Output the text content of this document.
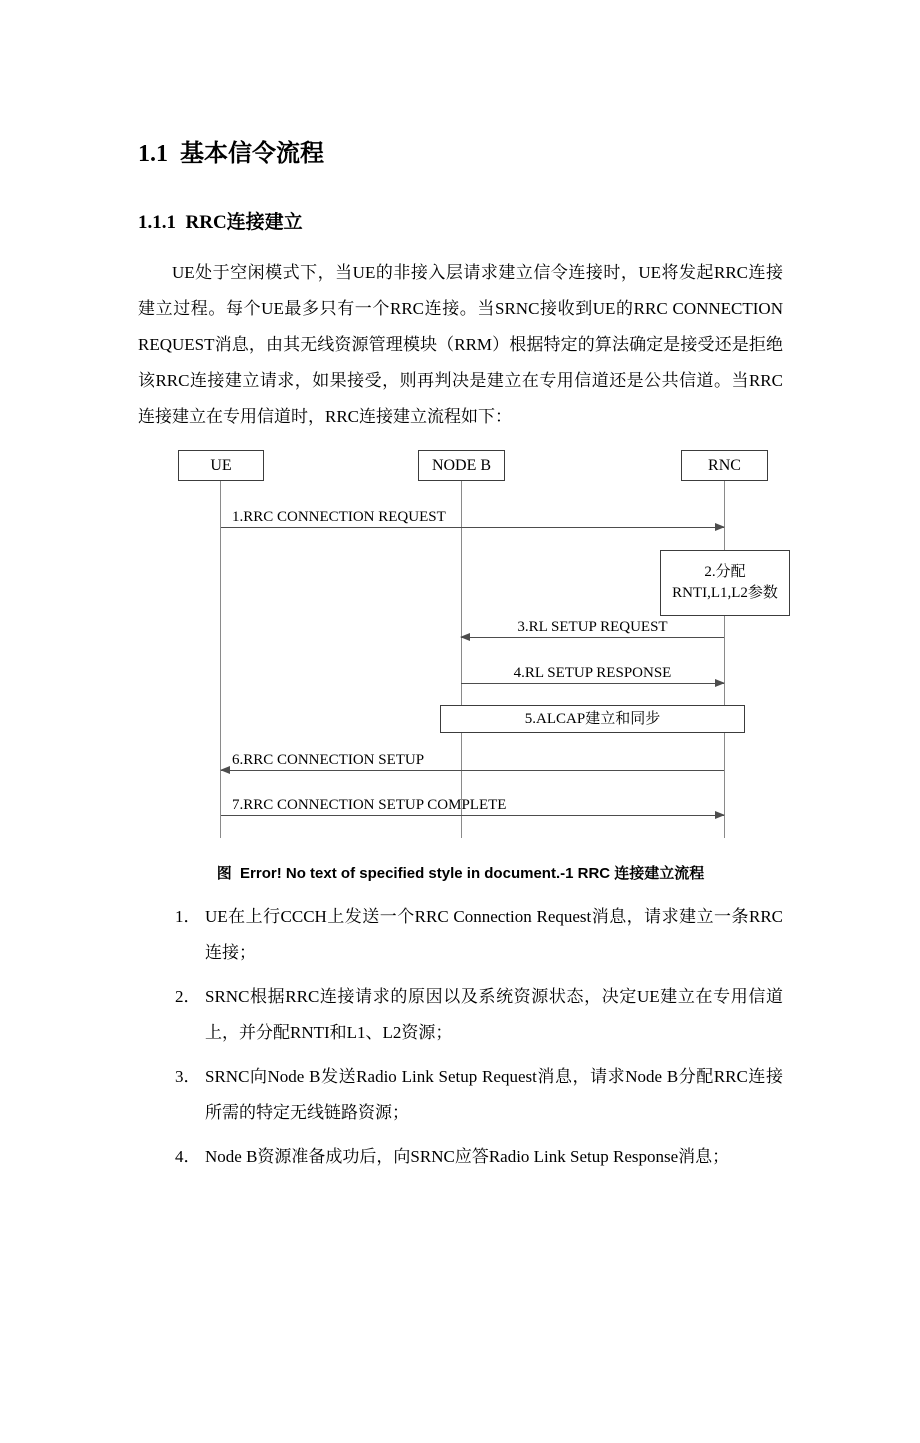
1.1  基本信令流程
1.1.1  RRC连接建立
UE处于空闲模式下，当UE的非接入层请求建立信令连接时，UE将发起RRC连接建立过程。每个UE最多只有一个RRC连接。当SRNC接收到UE的RRC CONNECTION　REQUEST消息，由其无线资源管理模块（RRM）根据特定的算法确定是接受还是拒绝该RRC连接建立请求，如果接受，则再判决是建立在专用信道还是公共信道。当RRC连接建立在专用信道时，RRC连接建立流程如下：
UE	NODE B	RNC
1.RRC CONNECTION REQUEST
2.分配
RNTI,L1,L2参数
3.RL SETUP REQUEST
4.RL SETUP RESPONSE
5.ALCAP建立和同步
6.RRC CONNECTION SETUP
7.RRC CONNECTION SETUP COMPLETE
图  Error! No text of specified style in document.-1 RRC 连接建立流程
1． UE在上行CCCH上发送一个RRC Connection Request消息，请求建立一条RRC连接；
2． SRNC根据RRC连接请求的原因以及系统资源状态，决定UE建立在专用信道上，并分配RNTI和L1、L2资源；
3． SRNC向Node B发送Radio Link Setup Request消息，请求Node B分配RRC连接所需的特定无线链路资源；
4． Node B资源准备成功后，向SRNC应答Radio Link Setup Response消息；
